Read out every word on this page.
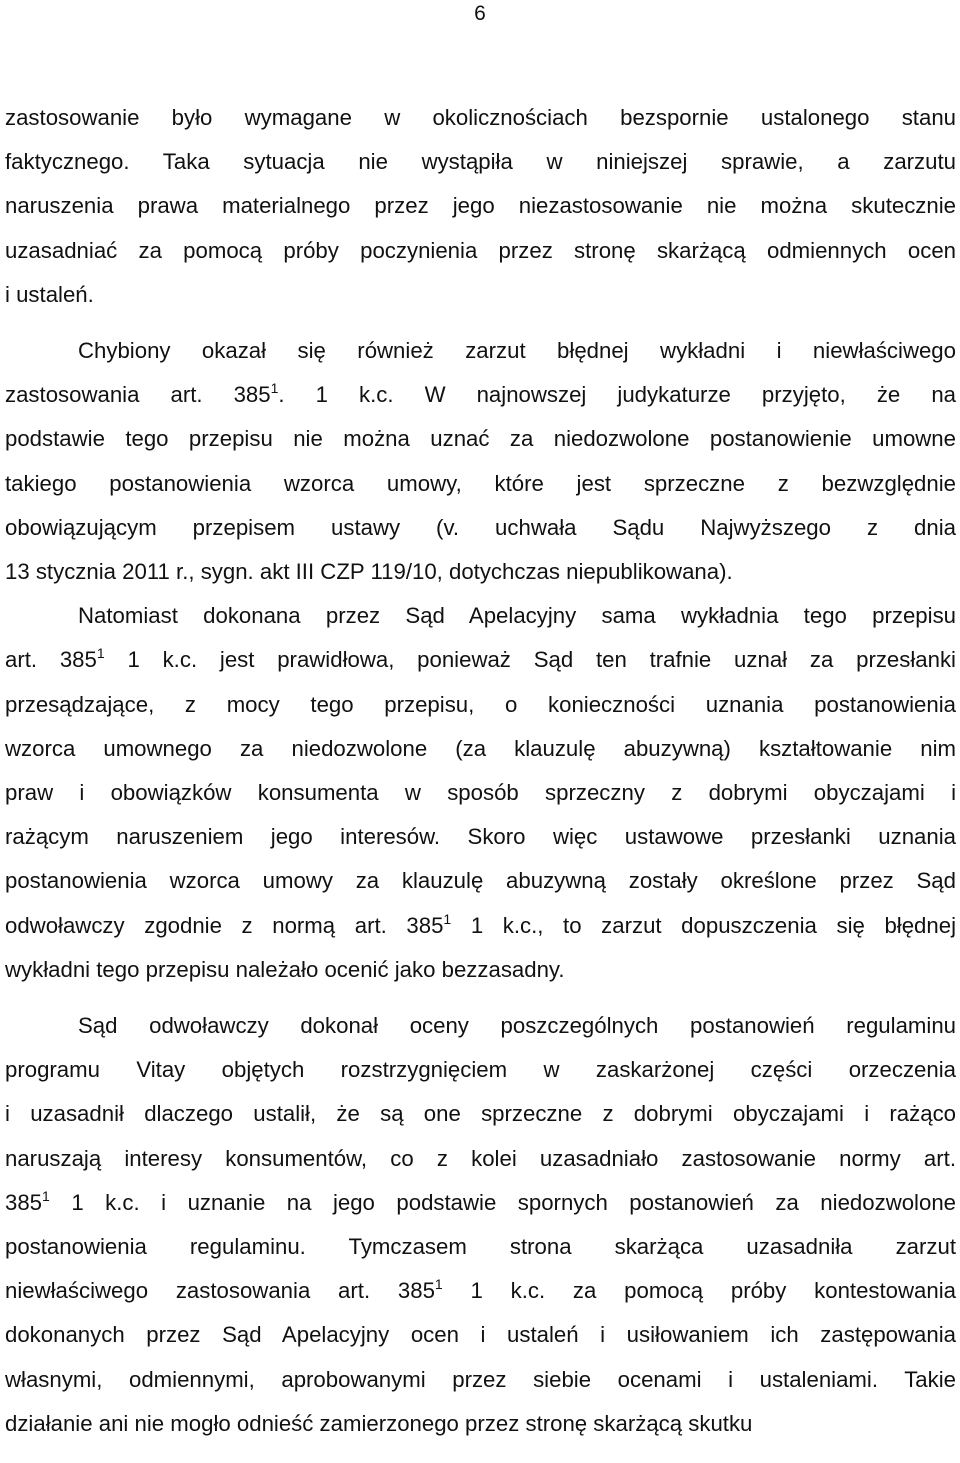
6

zastosowanie było wymagane w okolicznościach bezspornie ustalonego stanu
faktycznego. Taka sytuacja nie wystąpiła w niniejszej sprawie, a zarzutu
naruszenia prawa materialnego przez jego niezastosowanie nie można skutecznie
uzasadniać za pomocą próby poczynienia przez stronę skarżącą odmiennych ocen
i ustaleń.

Chybiony okazał się również zarzut błędnej wykładni i niewłaściwego
zastosowania art. $385^1$. 1 k.c. W najnowszej judykaturze przyjęto, że na
podstawie tego przepisu nie można uznać za niedozwolone postanowienie umowne
takiego postanowienia wzorca umowy, które jest sprzeczne z bezwzględnie
obowiązującym przepisem ustawy (v. uchwała Sądu Najwyższego z dnia
13 stycznia 2011 r., sygn. akt III CZP 119/10, dotychczas niepublikowana).

Natomiast dokonana przez Sąd Apelacyjny sama wykładnia tego przepisu
art. $385^1$ 1 k.c. jest prawidłowa, ponieważ Sąd ten trafnie uznał za przesłanki
przesądzające, z mocy tego przepisu, o konieczności uznania postanowienia
wzorca umownego za niedozwolone (za klauzulę abuzywną) kształtowanie nim
praw i obowiązków konsumenta w sposób sprzeczny z dobrymi obyczajami i
rażącym naruszeniem jego interesów. Skoro więc ustawowe przesłanki uznania
postanowienia wzorca umowy za klauzulę abuzywną zostały określone przez Sąd
odwoławczy zgodnie z normą art. $385^1$ 1 k.c., to zarzut dopuszczenia się błędnej
wykładni tego przepisu należało ocenić jako bezzasadny.

Sąd odwoławczy dokonał oceny poszczególnych postanowień regulaminu
programu Vitay objętych rozstrzygnięciem w zaskarżonej części orzeczenia
i uzasadnił dlaczego ustalił, że są one sprzeczne z dobrymi obyczajami i rażąco
naruszają interesy konsumentów, co z kolei uzasadniało zastosowanie normy art.
$385^1$ 1 k.c. i uznanie na jego podstawie spornych postanowień za niedozwolone
postanowienia regulaminu. Tymczasem strona skarżąca uzasadniła zarzut
niewłaściwego zastosowania art. $385^1$ 1 k.c. za pomocą próby kontestowania
dokonanych przez Sąd Apelacyjny ocen i ustaleń i usiłowaniem ich zastępowania
własnymi, odmiennymi, aprobowanymi przez siebie ocenami i ustaleniami. Takie
działanie ani nie mogło odnieść zamierzonego przez stronę skarżącą skutku
